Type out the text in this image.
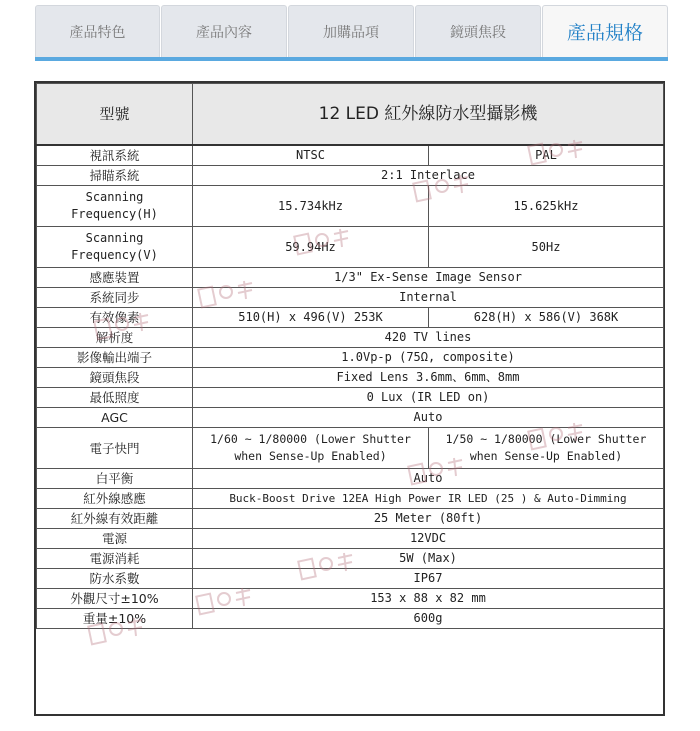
產品特色	產品內容	加購品項	鏡頭焦段	產品規格
型號	12 LED 紅外線防水型攝影機	
視訊系統	NTSC	PAL
掃瞄系統	2:1 Interlace	
Scanning Frequency(H)	15.734kHz	15.625kHz
Scanning Frequency(V)	59.94Hz	50Hz
感應裝置	1/3" Ex-Sense Image Sensor	
系統同步	Internal	
有效像素	510(H) x 496(V) 253K	628(H) x 586(V) 368K
解析度	420 TV lines	
影像輸出端子	1.0Vp-p (75Ω, composite)	
鏡頭焦段	Fixed Lens 3.6mm、6mm、8mm	
最低照度	0 Lux (IR LED on)	
AGC	Auto	
電子快門	1/60 ~ 1/80000 (Lower Shutter when Sense-Up Enabled)	1/50 ~ 1/80000 (Lower Shutter when Sense-Up Enabled)
白平衡	Auto	
紅外線感應	Buck-Boost Drive 12EA High Power IR LED (25 ) & Auto-Dimming	
紅外線有效距離	25 Meter (80ft)	
電源	12VDC	
電源消耗	5W (Max)	
防水系數	IP67	
外觀尺寸±10%	153 x 88 x 82 mm	
重量±10%	600g	
